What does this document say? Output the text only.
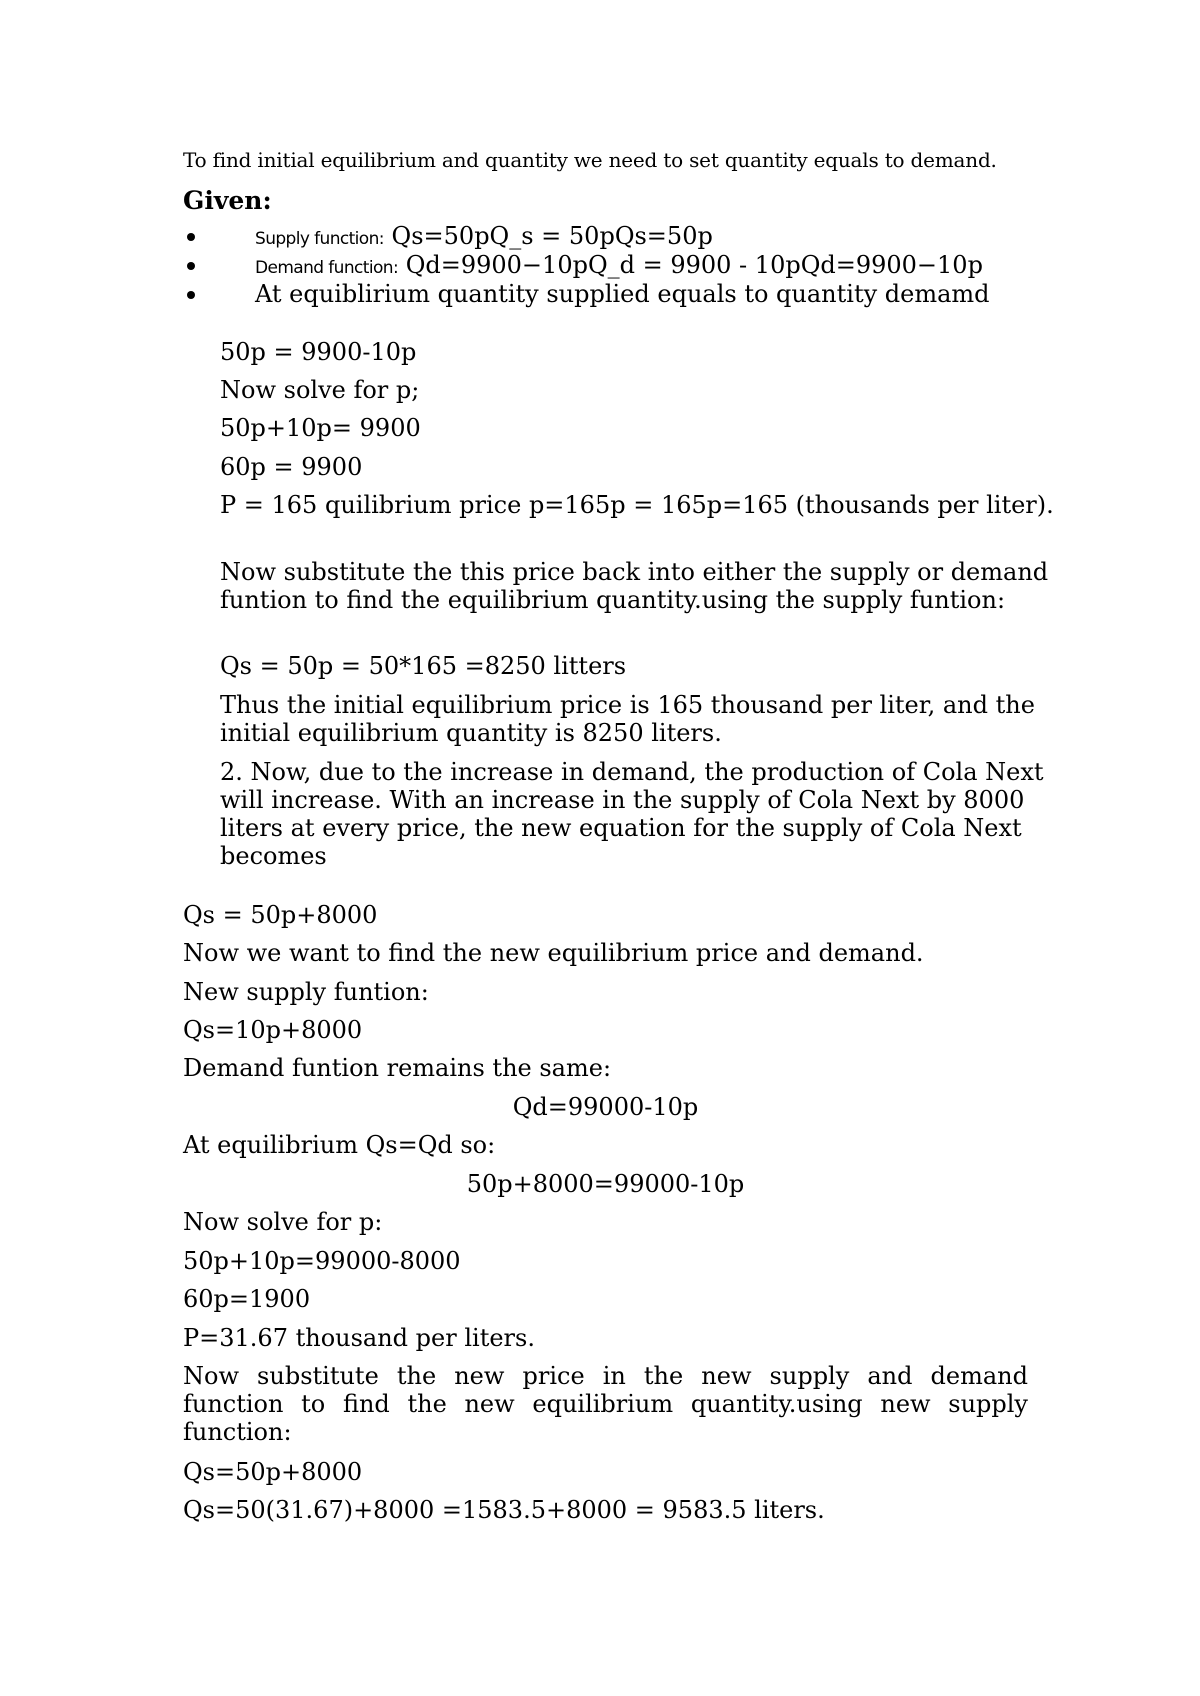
To find initial equilibrium and quantity we need to set quantity equals to demand.
Given:
Supply function: Qs=50pQ_s = 50pQs=50p
Demand function: Qd=9900−10pQ_d = 9900 - 10pQd=9900−10p
At equiblirium quantity supplied equals to quantity demamd
50p = 9900-10p
Now solve for p;
50p+10p= 9900
60p = 9900
P = 165 quilibrium price p=165p = 165p=165 (thousands per liter).
Now substitute the this price back into either the supply or demand funtion to find the equilibrium quantity.using the supply funtion:
Qs = 50p = 50*165 =8250 litters
Thus the initial equilibrium price is 165 thousand per liter, and the initial equilibrium quantity is 8250 liters.
2. Now, due to the increase in demand, the production of Cola Next will increase. With an increase in the supply of Cola Next by 8000 liters at every price, the new equation for the supply of Cola Next becomes
Qs = 50p+8000
Now we want to find the new equilibrium price and demand.
New supply funtion:
Qs=10p+8000
Demand funtion remains the same:
Qd=99000-10p
At equilibrium Qs=Qd so:
50p+8000=99000-10p
Now solve for p:
50p+10p=99000-8000
60p=1900
P=31.67 thousand per liters.
Now substitute the new price in the new supply and demand function to find the new equilibrium quantity.using new supply function:
Qs=50p+8000
Qs=50(31.67)+8000 =1583.5+8000 = 9583.5 liters.
